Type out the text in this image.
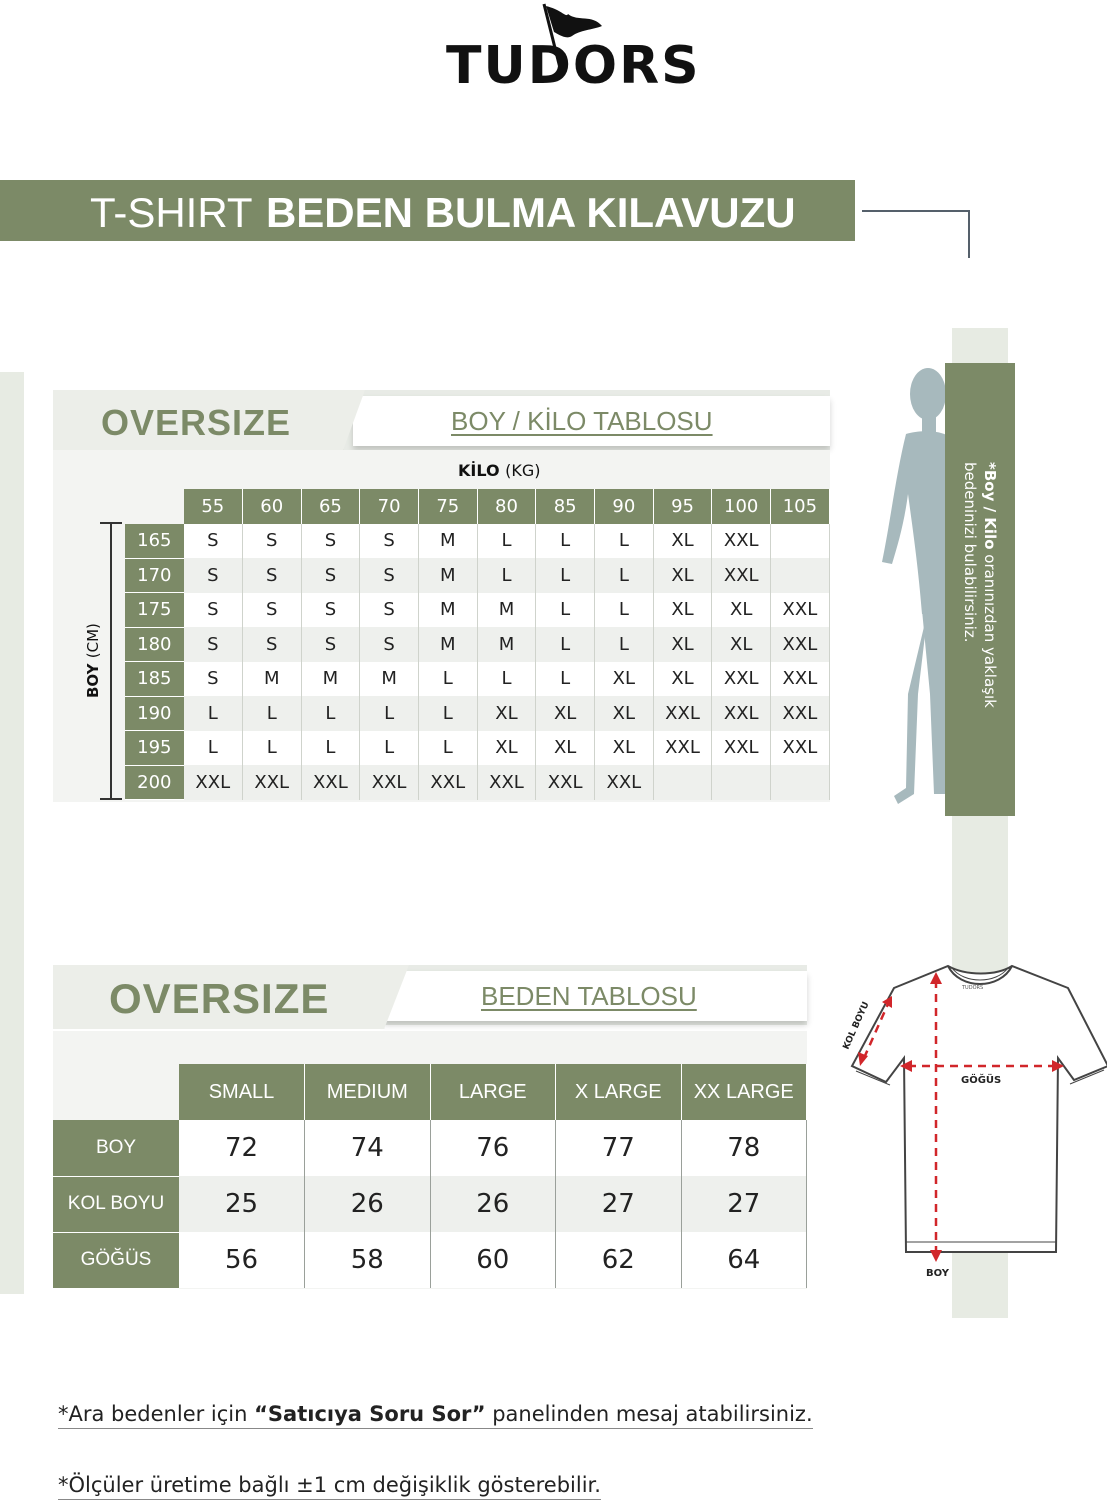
TUDORS
T-SHIRT BEDEN BULMA KILAVUZU
OVERSIZE	BOY / KİLO TABLOSU
KİLO (KG)
	55	60	65	70	75	80	85	90	95	100	105
165	S	S	S	S	M	L	L	L	XL	XXL	
170	S	S	S	S	M	L	L	L	XL	XXL	
175	S	S	S	S	M	M	L	L	XL	XL	XXL
180	S	S	S	S	M	M	L	L	XL	XL	XXL
185	S	M	M	M	L	L	L	XL	XL	XXL	XXL
190	L	L	L	L	L	XL	XL	XL	XXL	XXL	XXL
195	L	L	L	L	L	XL	XL	XL	XXL	XXL	XXL
200	XXL	XXL	XXL	XXL	XXL	XXL	XXL	XXL			
BOY (CM)
*Boy / Kilo oranınızdan yaklaşık bedeninizi bulabilirsiniz.
OVERSIZE	BEDEN TABLOSU
	SMALL	MEDIUM	LARGE	X LARGE	XX LARGE
BOY	72	74	76	77	78
KOL BOYU	25	26	26	27	27
GÖĞÜS	56	58	60	62	64
TUDORS
GÖĞÜS
BOY
KOL BOYU
*Ara bedenler için “Satıcıya Soru Sor” panelinden mesaj atabilirsiniz.
*Ölçüler üretime bağlı ±1 cm değişiklik gösterebilir.
